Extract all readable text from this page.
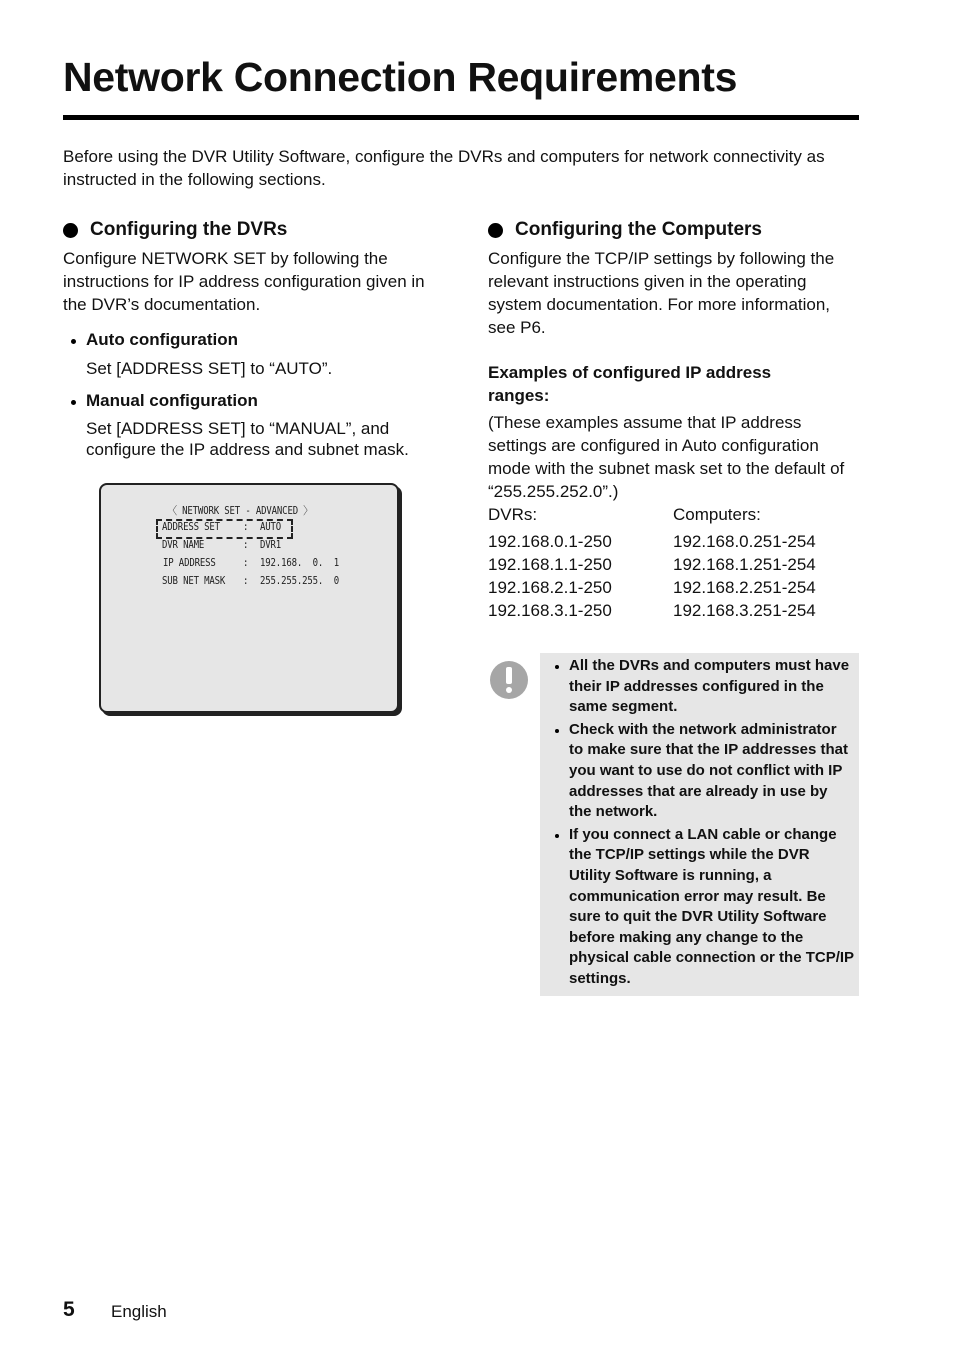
Network Connection Requirements

Before using the DVR Utility Software, configure the DVRs and computers for network connectivity as instructed in the following sections.

Configuring the DVRs

Configure NETWORK SET by following the instructions for IP address configuration given in the DVR’s documentation.

Auto configuration

Set [ADDRESS SET] to “AUTO”.

Manual configuration

Set [ADDRESS SET] to “MANUAL”, and configure the IP address and subnet mask.

〈 NETWORK SET - ADVANCED 〉
ADDRESS SET : AUTO
DVR NAME	: DVR1
IP ADDRESS : 192.168.  0.  1
SUB NET MASK : 255.255.255.  0
Configuring the Computers

Configure the TCP/IP settings by following the relevant instructions given in the operating system documentation. For more information, see P6.

Examples of configured IP address ranges:

(These examples assume that IP address settings are configured in Auto configuration mode with the subnet mask set to the default of “255.255.252.0”.)

DVRs:	Computers:

192.168.0.1-250	192.168.0.251-254

192.168.1.1-250	192.168.1.251-254

192.168.2.1-250	192.168.2.251-254

192.168.3.1-250	192.168.3.251-254

All the DVRs and computers must have their IP addresses configured in the same segment.
Check with the network administrator to make sure that the IP addresses that you want to use do not conflict with IP addresses that are already in use by the network.
If you connect a LAN cable or change the TCP/IP settings while the DVR Utility Software is running, a communication error may result. Be sure to quit the DVR Utility Software before making any change to the physical cable connection or the TCP/IP settings.

5 English
